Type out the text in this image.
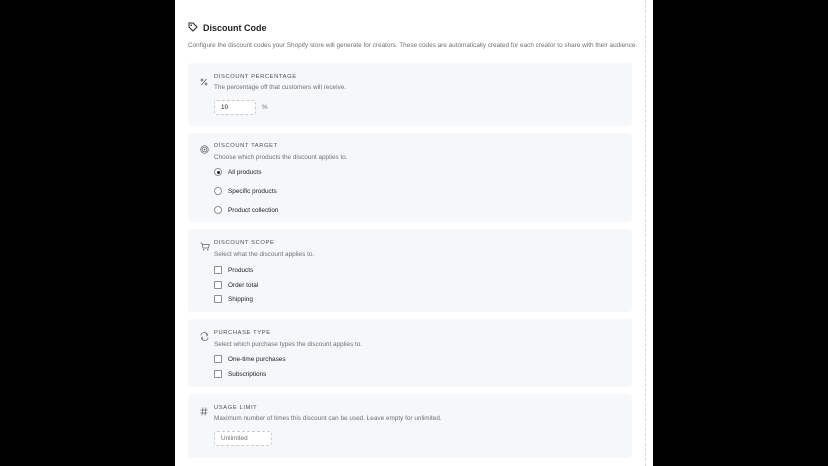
Discount Code
Configure the discount codes your Shopify store will generate for creators. These codes are automatically created for each creator to share with their audience.
DISCOUNT PERCENTAGE
The percentage off that customers will receive.
10	%
DISCOUNT TARGET
Choose which products the discount applies to.
All products
Specific products
Product collection
DISCOUNT SCOPE
Select what the discount applies to.
Products
Order total
Shipping
PURCHASE TYPE
Select which purchase types the discount applies to.
One-time purchases
Subscriptions
USAGE LIMIT
Maximum number of times this discount can be used. Leave empty for unlimited.
Unlimited
